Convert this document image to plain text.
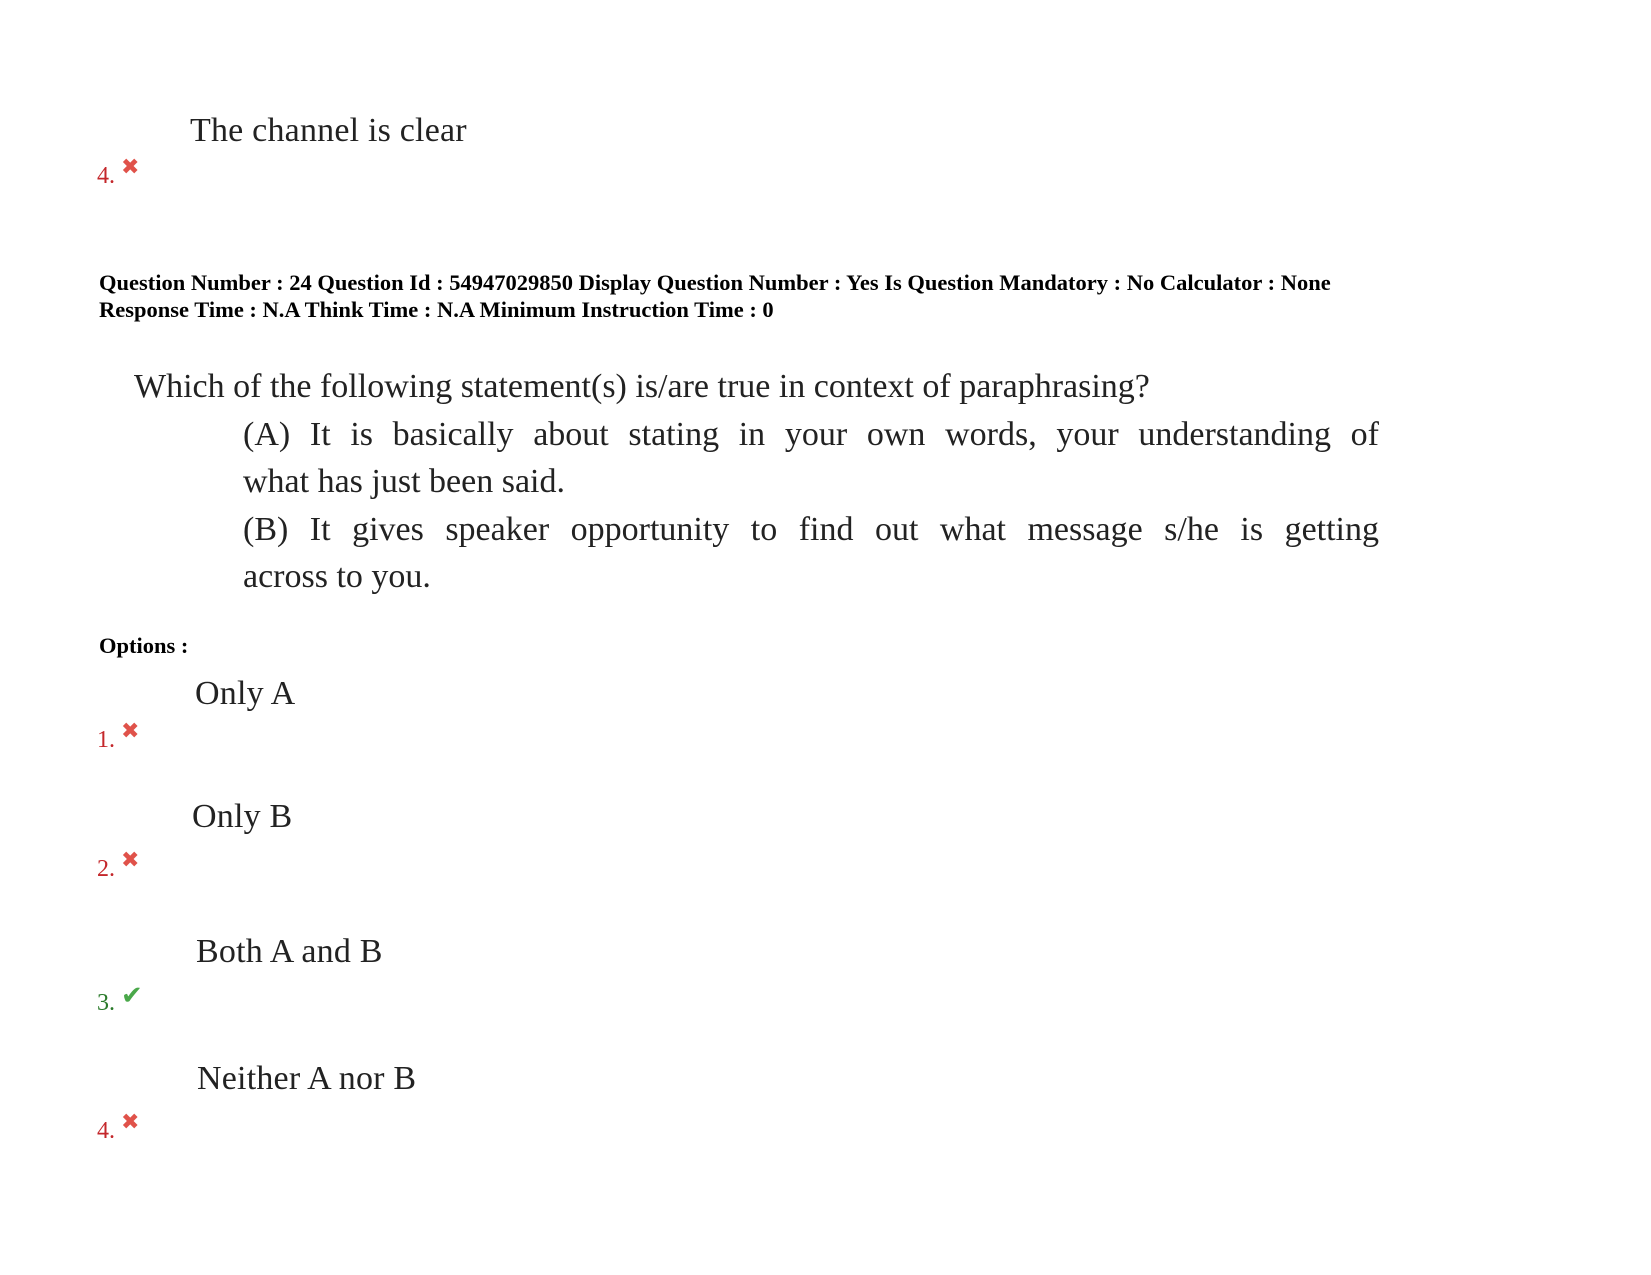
The channel is clear
4. ✖
Question Number : 24 Question Id : 54947029850 Display Question Number : Yes Is Question Mandatory : No Calculator : None
Response Time : N.A Think Time : N.A Minimum Instruction Time : 0
Which of the following statement(s) is/are true in context of paraphrasing?
(A) It is basically about stating in your own words, your understanding of
what has just been said.
(B) It gives speaker opportunity to find out what message s/he is getting
across to you.
Options :
Only A
1. ✖
Only B
2. ✖
Both A and B
3. ✔
Neither A nor B
4. ✖
